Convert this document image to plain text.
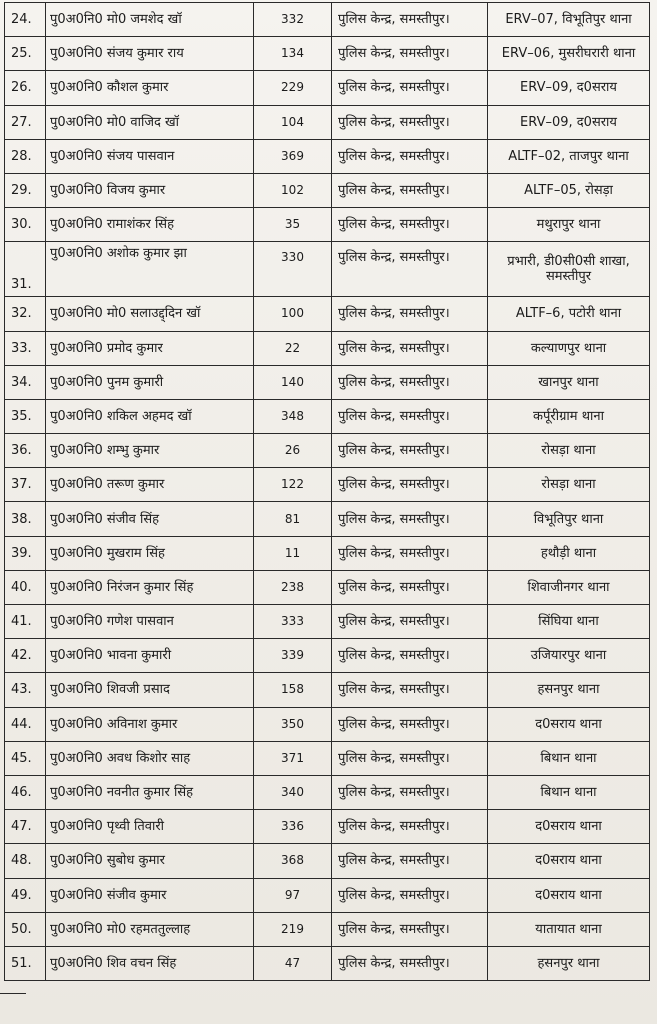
24.	पु0अ0नि0 मो0 जमशेद खॉ	332	पुलिस केन्द्र, समस्तीपुर।	ERV–07, विभूतिपुर थाना
25.	पु0अ0नि0 संजय कुमार राय	134	पुलिस केन्द्र, समस्तीपुर।	ERV–06, मुसरीघरारी थाना
26.	पु0अ0नि0 कौशल कुमार	229	पुलिस केन्द्र, समस्तीपुर।	ERV–09, द0सराय
27.	पु0अ0नि0 मो0 वाजिद खॉ	104	पुलिस केन्द्र, समस्तीपुर।	ERV–09, द0सराय
28.	पु0अ0नि0 संजय पासवान	369	पुलिस केन्द्र, समस्तीपुर।	ALTF–02, ताजपुर थाना
29.	पु0अ0नि0 विजय कुमार	102	पुलिस केन्द्र, समस्तीपुर।	ALTF–05, रोसड़ा
30.	पु0अ0नि0 रामाशंकर सिंह	35	पुलिस केन्द्र, समस्तीपुर।	मथुरापुर थाना
31.	पु0अ0नि0 अशोक कुमार झा	330	पुलिस केन्द्र, समस्तीपुर।	प्रभारी, डी0सी0सी शाखा, समस्तीपुर
32.	पु0अ0नि0 मो0 सलाउद्द्दिन खॉ	100	पुलिस केन्द्र, समस्तीपुर।	ALTF–6, पटोरी थाना
33.	पु0अ0नि0 प्रमोद कुमार	22	पुलिस केन्द्र, समस्तीपुर।	कल्याणपुर थाना
34.	पु0अ0नि0 पुनम कुमारी	140	पुलिस केन्द्र, समस्तीपुर।	खानपुर थाना
35.	पु0अ0नि0 शकिल अहमद खॉ	348	पुलिस केन्द्र, समस्तीपुर।	कर्पूरीग्राम थाना
36.	पु0अ0नि0 शम्भु कुमार	26	पुलिस केन्द्र, समस्तीपुर।	रोसड़ा थाना
37.	पु0अ0नि0 तरूण कुमार	122	पुलिस केन्द्र, समस्तीपुर।	रोसड़ा थाना
38.	पु0अ0नि0 संजीव सिंह	81	पुलिस केन्द्र, समस्तीपुर।	विभूतिपुर थाना
39.	पु0अ0नि0 मुखराम सिंह	11	पुलिस केन्द्र, समस्तीपुर।	हथौड़ी थाना
40.	पु0अ0नि0 निरंजन कुमार सिंह	238	पुलिस केन्द्र, समस्तीपुर।	शिवाजीनगर थाना
41.	पु0अ0नि0 गणेश पासवान	333	पुलिस केन्द्र, समस्तीपुर।	सिंघिया थाना
42.	पु0अ0नि0 भावना कुमारी	339	पुलिस केन्द्र, समस्तीपुर।	उजियारपुर थाना
43.	पु0अ0नि0 शिवजी प्रसाद	158	पुलिस केन्द्र, समस्तीपुर।	हसनपुर थाना
44.	पु0अ0नि0 अविनाश कुमार	350	पुलिस केन्द्र, समस्तीपुर।	द0सराय थाना
45.	पु0अ0नि0 अवध किशोर साह	371	पुलिस केन्द्र, समस्तीपुर।	बिथान थाना
46.	पु0अ0नि0 नवनीत कुमार सिंह	340	पुलिस केन्द्र, समस्तीपुर।	बिथान थाना
47.	पु0अ0नि0 पृथ्वी तिवारी	336	पुलिस केन्द्र, समस्तीपुर।	द0सराय थाना
48.	पु0अ0नि0 सुबोध कुमार	368	पुलिस केन्द्र, समस्तीपुर।	द0सराय थाना
49.	पु0अ0नि0 संजीव कुमार	97	पुलिस केन्द्र, समस्तीपुर।	द0सराय थाना
50.	पु0अ0नि0 मो0 रहमततुल्लाह	219	पुलिस केन्द्र, समस्तीपुर।	यातायात थाना
51.	पु0अ0नि0 शिव वचन सिंह	47	पुलिस केन्द्र, समस्तीपुर।	हसनपुर थाना
